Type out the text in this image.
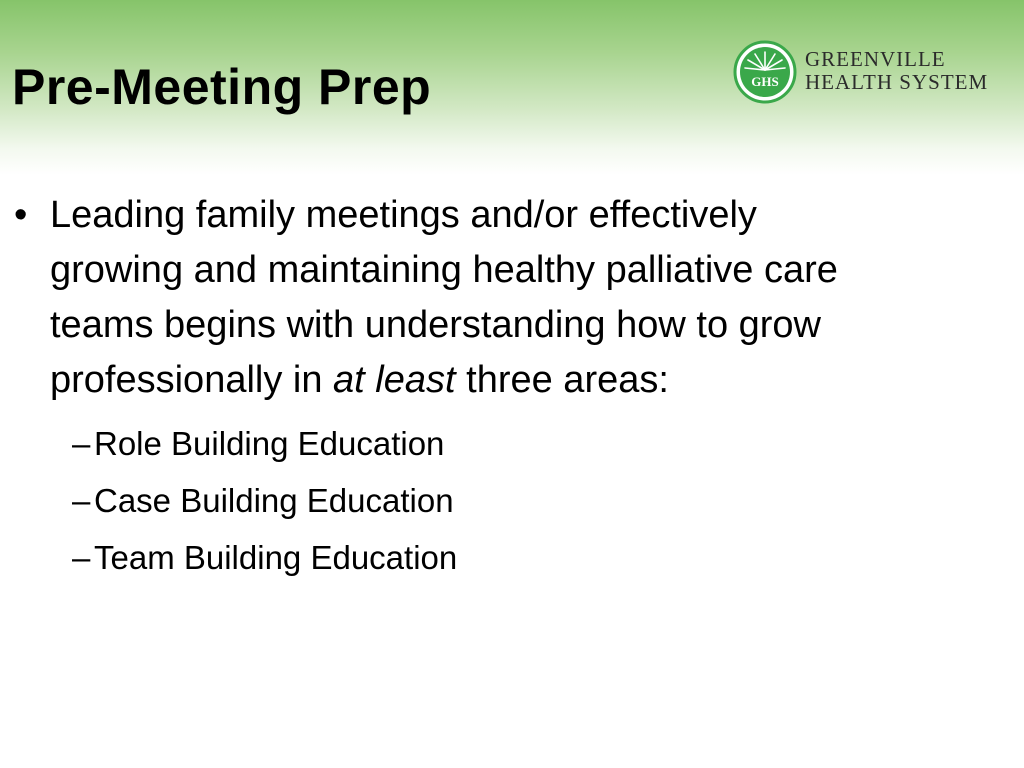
Pre-Meeting Prep	GHS
GREENVILLE
HEALTH SYSTEM
• Leading family meetings and/or effectively
growing and maintaining healthy palliative care
teams begins with understanding how to grow
professionally in at least three areas:

– Role Building Education
– Case Building Education
– Team Building Education
